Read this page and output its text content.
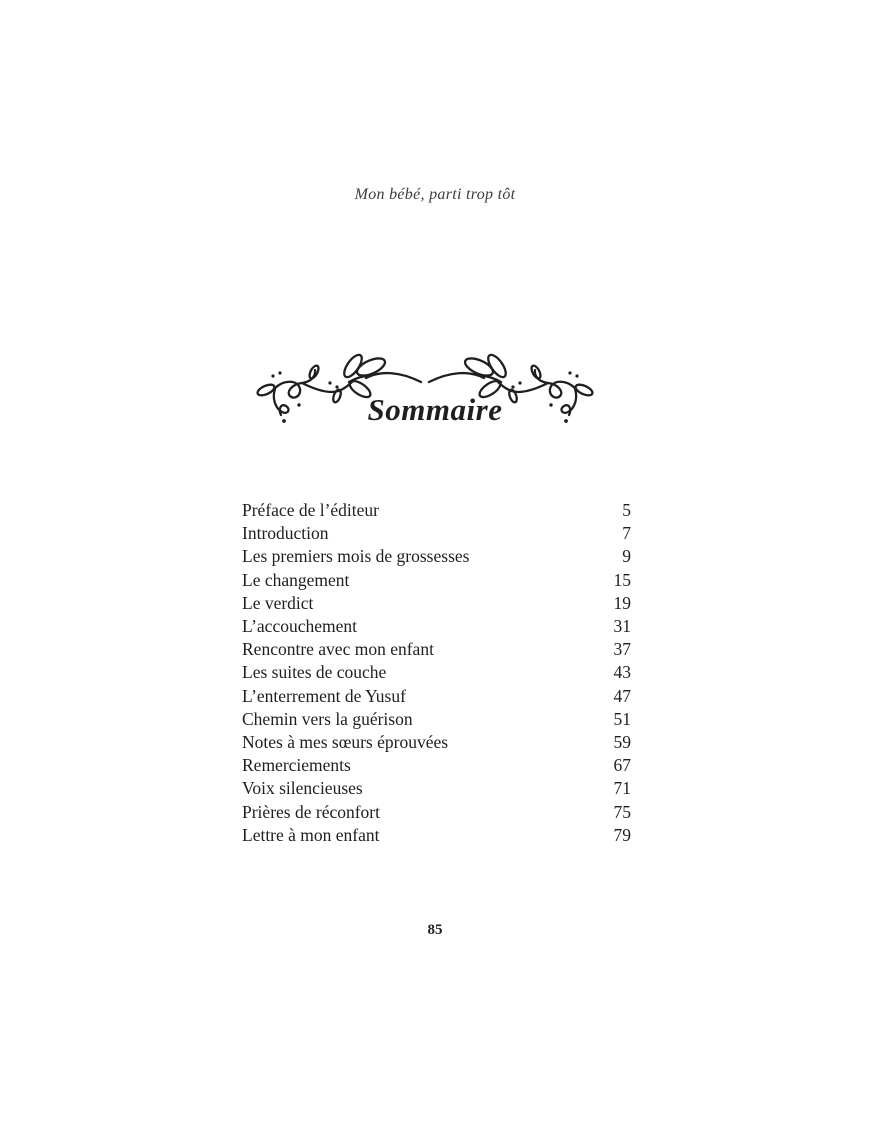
Mon bébé, parti trop tôt
Sommaire
Préface de l’éditeur	5
Introduction	7
Les premiers mois de grossesses	9
Le changement	15
Le verdict	19
L’accouchement	31
Rencontre avec mon enfant	37
Les suites de couche	43
L’enterrement de Yusuf	47
Chemin vers la guérison	51
Notes à mes sœurs éprouvées	59
Remerciements	67
Voix silencieuses	71
Prières de réconfort	75
Lettre à mon enfant	79
85
